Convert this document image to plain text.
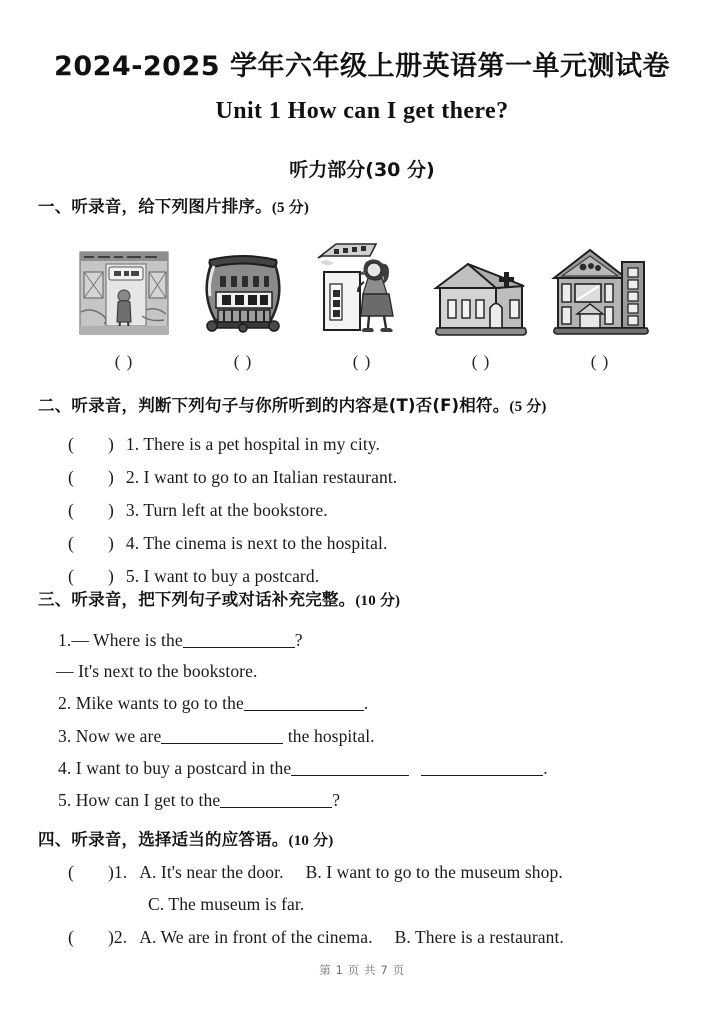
2024-2025 学年六年级上册英语第一单元测试卷
Unit 1 How can I get there?
听力部分(30 分)
一、听录音，给下列图片排序。(5 分)
( )	( )	( )	( )	( )
二、听录音，判断下列句子与你所听到的内容是(T)否(F)相符。(5 分)
( ) 1. There is a pet hospital in my city.
( ) 2. I want to go to an Italian restaurant.
( ) 3. Turn left at the bookstore.
( ) 4. The cinema is next to the hospital.
( ) 5. I want to buy a postcard.
三、听录音，把下列句子或对话补充完整。(10 分)
1.— Where is the	?
— It's next to the bookstore.
2. Mike wants to go to the	.
3. Now we are	the hospital.
4. I want to buy a postcard in the	.
5. How can I get to the	?
四、听录音，选择适当的应答语。(10 分)
( )1. A. It's near the door. B. I want to go to the museum shop.
C. The museum is far.
( )2. A. We are in front of the cinema. B. There is a restaurant.
第 1 页 共 7 页
